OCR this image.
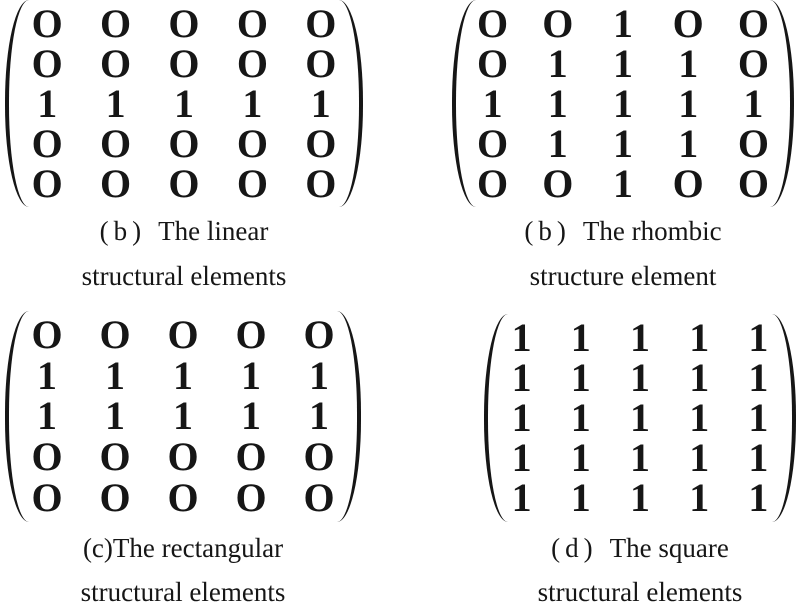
O O O O O
O O O O O
1 1 1 1 1
O O O O O
O O O O O
(b) The linear
structural elements
O O 1 O O
O 1 1 1 O
1 1 1 1 1
O 1 1 1 O
O O 1 O O
(b) The rhombic
structure element
O O O O O
1 1 1 1 1
1 1 1 1 1
O O O O O
O O O O O
(c)The rectangular
structural elements
1 1 1 1 1
1 1 1 1 1
1 1 1 1 1
1 1 1 1 1
1 1 1 1 1
(d) The square
structural elements
